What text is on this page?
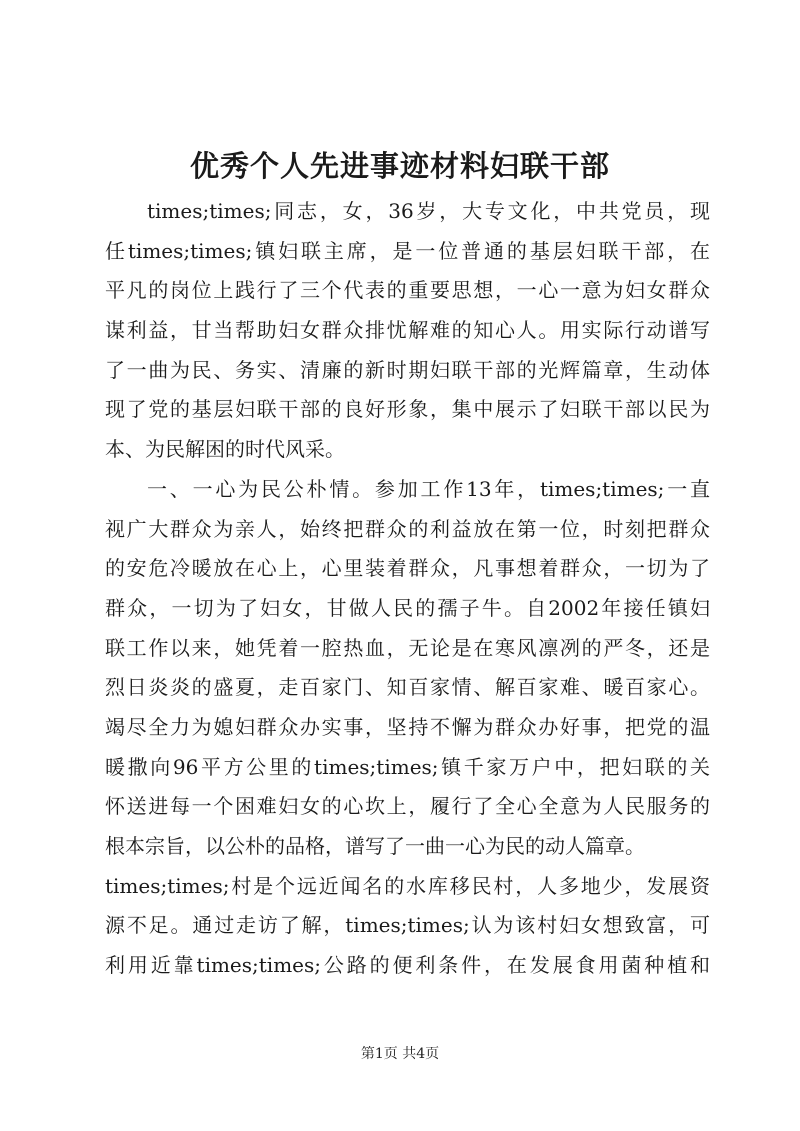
优秀个人先进事迹材料妇联干部
times;times;同志，女，36岁，大专文化，中共党员，现
任times;times;镇妇联主席，是一位普通的基层妇联干部，在
平凡的岗位上践行了三个代表的重要思想，一心一意为妇女群众
谋利益，甘当帮助妇女群众排忧解难的知心人。用实际行动谱写
了一曲为民、务实、清廉的新时期妇联干部的光辉篇章，生动体
现了党的基层妇联干部的良好形象，集中展示了妇联干部以民为
本、为民解困的时代风采。
一、一心为民公朴情。参加工作13年，times;times;一直
视广大群众为亲人，始终把群众的利益放在第一位，时刻把群众
的安危冷暖放在心上，心里装着群众，凡事想着群众，一切为了
群众，一切为了妇女，甘做人民的孺子牛。自2002年接任镇妇
联工作以来，她凭着一腔热血，无论是在寒风凛冽的严冬，还是
烈日炎炎的盛夏，走百家门、知百家情、解百家难、暖百家心。
竭尽全力为媳妇群众办实事，坚持不懈为群众办好事，把党的温
暖撒向96平方公里的times;times;镇千家万户中，把妇联的关
怀送进每一个困难妇女的心坎上，履行了全心全意为人民服务的
根本宗旨，以公朴的品格，谱写了一曲一心为民的动人篇章。
times;times;村是个远近闻名的水库移民村，人多地少，发展资
源不足。通过走访了解，times;times;认为该村妇女想致富，可
利用近靠times;times;公路的便利条件，在发展食用菌种植和
第1页 共4页
